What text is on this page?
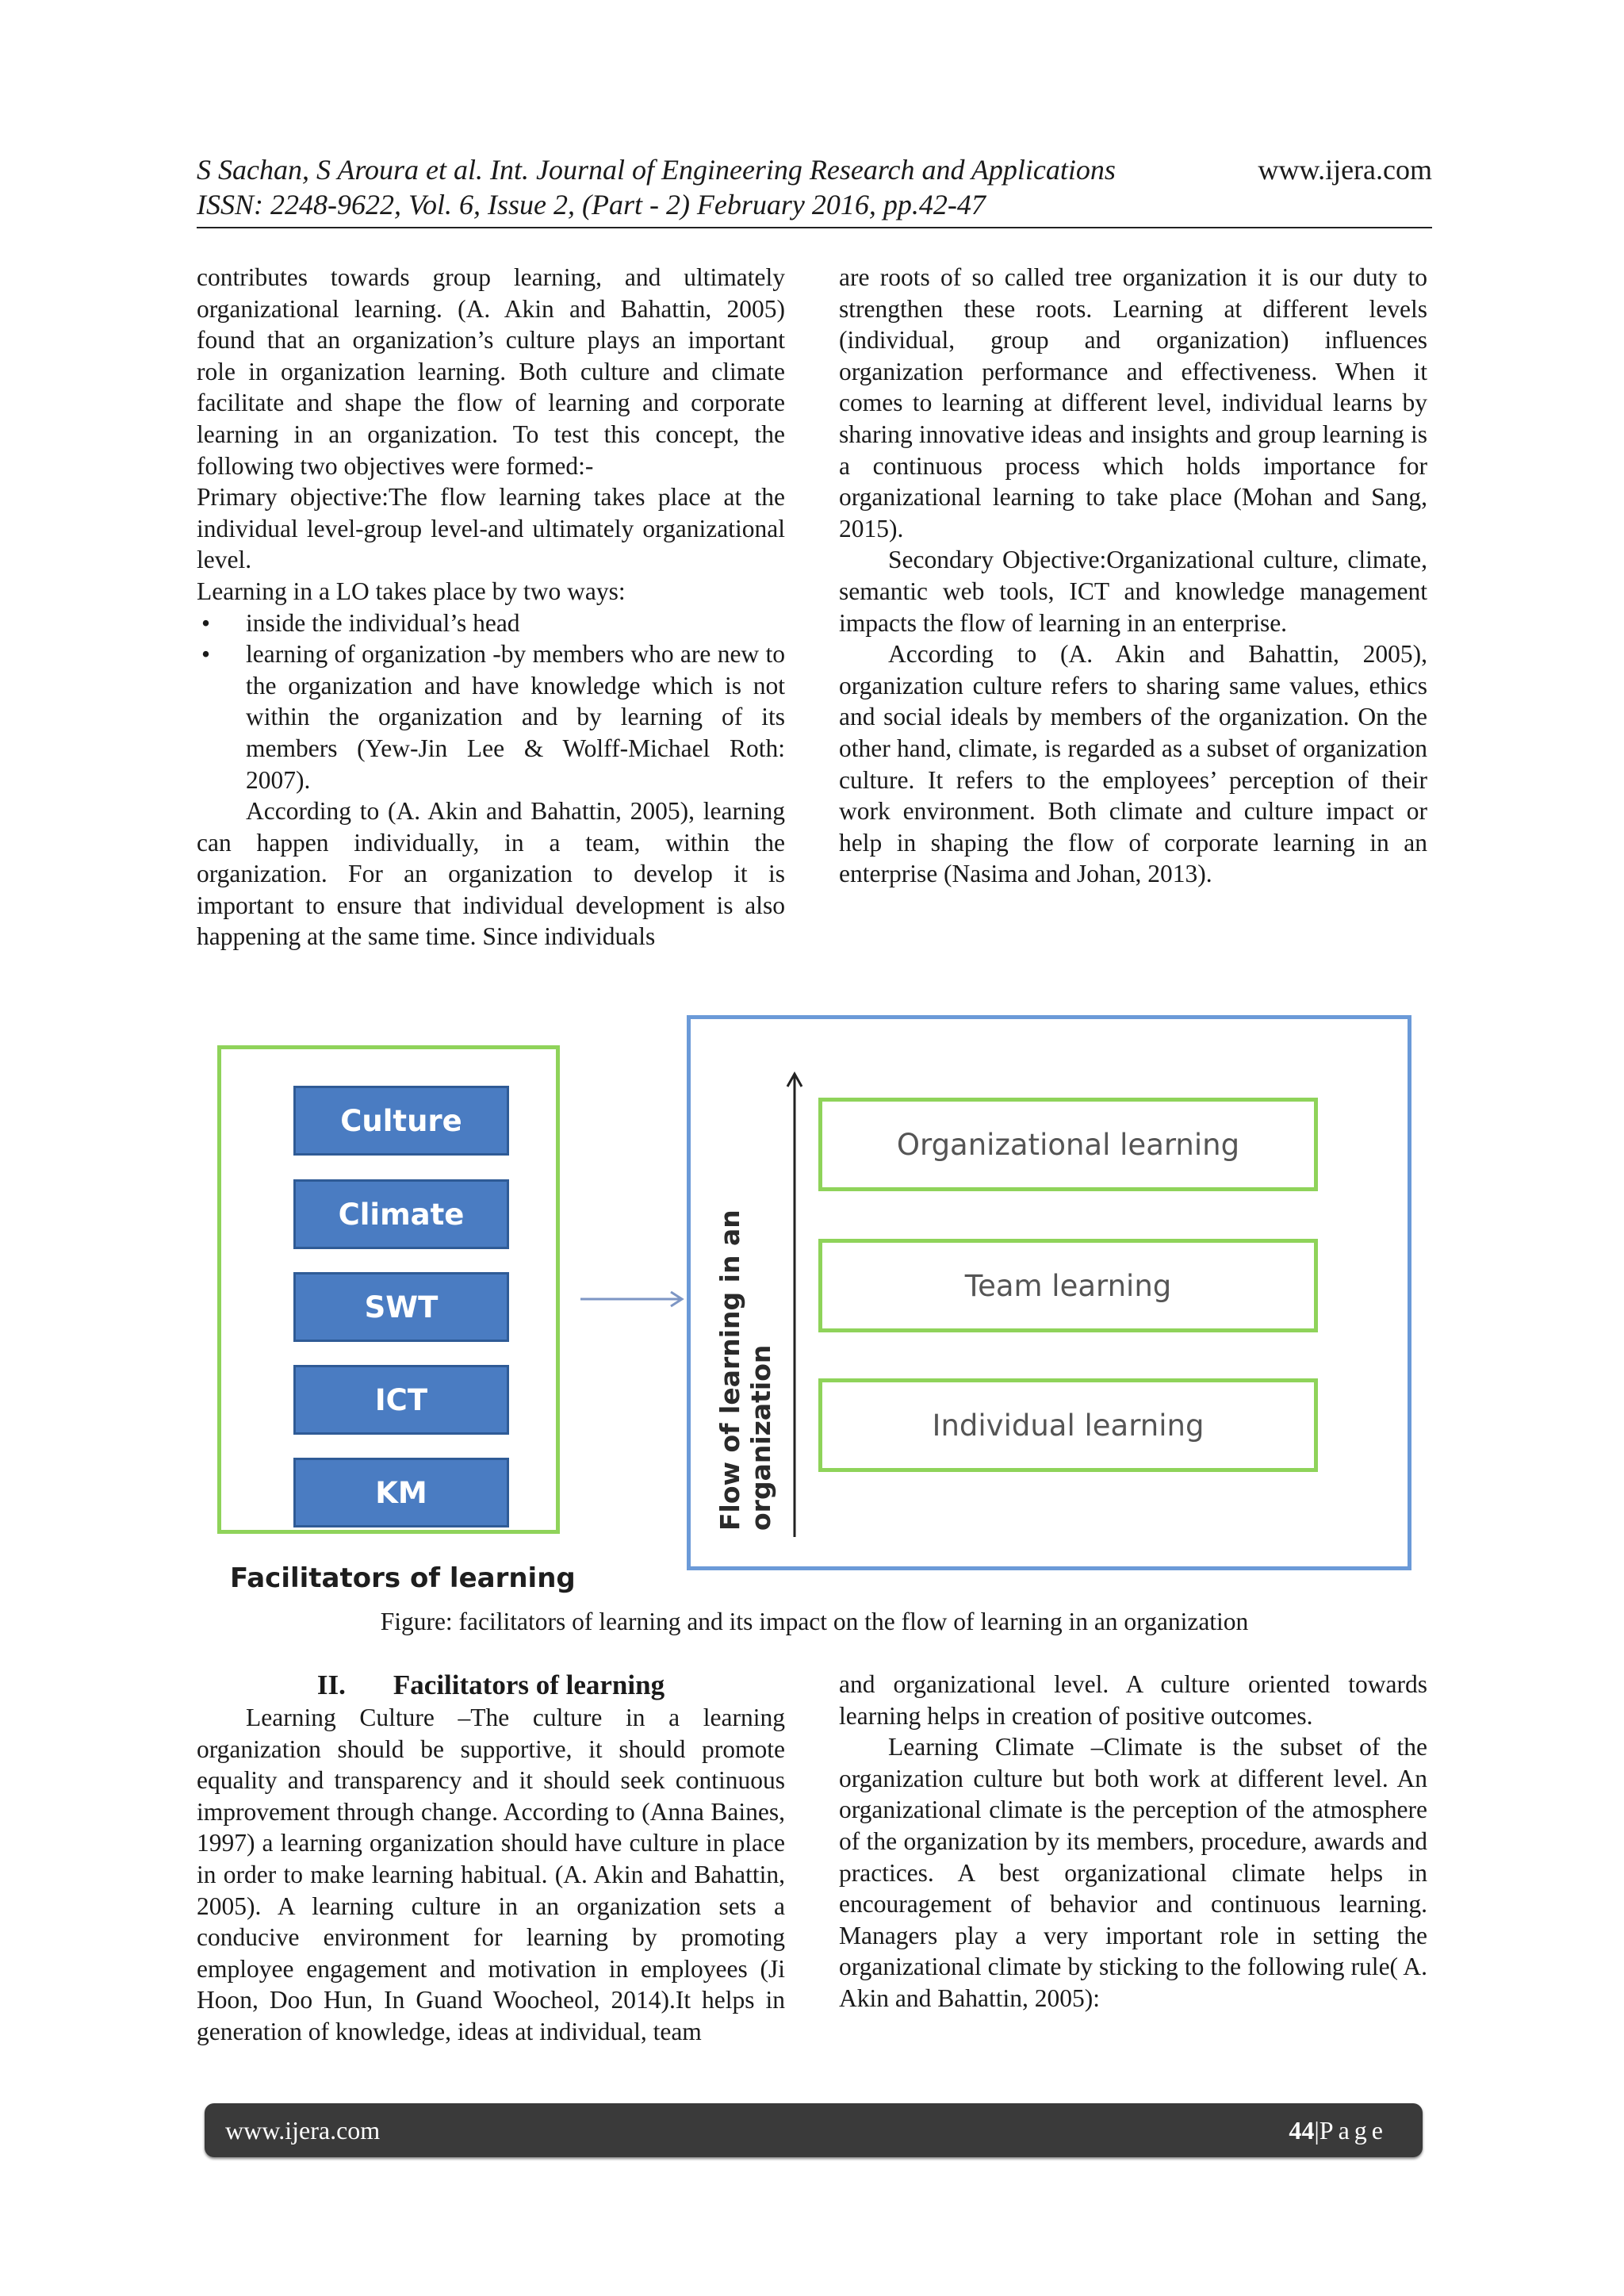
S Sachan, S Aroura et al. Int. Journal of Engineering Research and Applications	www.ijera.com
ISSN: 2248-9622, Vol. 6, Issue 2, (Part - 2) February 2016, pp.42-47

contributes towards group learning, and ultimately organizational learning. (A. Akin and Bahattin, 2005) found that an organization’s culture plays an important role in organization learning. Both culture and climate facilitate and shape the flow of learning and corporate learning in an organization. To test this concept, the following two objectives were formed:-

Primary objective:The flow learning takes place at the individual level-group level-and ultimately organizational level.

Learning in a LO takes place by two ways:

• inside the individual’s head
• learning of organization -by members who are new to the organization and have knowledge which is not within the organization and by learning of its members (Yew-Jin Lee & Wolff-Michael Roth: 2007).

According to (A. Akin and Bahattin, 2005), learning can happen individually, in a team, within the organization. For an organization to develop it is important to ensure that individual development is also happening at the same time. Since individuals

are roots of so called tree organization it is our duty to strengthen these roots. Learning at different levels (individual, group and organization) influences organization performance and effectiveness. When it comes to learning at different level, individual learns by sharing innovative ideas and insights and group learning is a continuous process which holds importance for organizational learning to take place (Mohan and Sang, 2015).

Secondary Objective:Organizational culture, climate, semantic web tools, ICT and knowledge management impacts the flow of learning in an enterprise.

According to (A. Akin and Bahattin, 2005), organization culture refers to sharing same values, ethics and social ideals by members of the organization. On the other hand, climate, is regarded as a subset of organization culture. It refers to the employees’ perception of their work environment. Both climate and culture impact or help in shaping the flow of corporate learning in an enterprise (Nasima and Johan, 2013).

Culture
Climate
SWT
ICT
KM	Flow of learning in an organization
Organizational learning
Team learning
Individual learning
Facilitators of learning
Figure: facilitators of learning and its impact on the flow of learning in an organization
II. Facilitators of learning

Learning Culture –The culture in a learning organization should be supportive, it should promote equality and transparency and it should seek continuous improvement through change. According to (Anna Baines, 1997) a learning organization should have culture in place in order to make learning habitual. (A. Akin and Bahattin, 2005). A learning culture in an organization sets a conducive environment for learning by promoting employee engagement and motivation in employees (Ji Hoon, Doo Hun, In Guand Woocheol, 2014).It helps in generation of knowledge, ideas at individual, team

and organizational level. A culture oriented towards learning helps in creation of positive outcomes.

Learning Climate –Climate is the subset of the organization culture but both work at different level. An organizational climate is the perception of the atmosphere of the organization by its members, procedure, awards and practices. A best organizational climate helps in encouragement of behavior and continuous learning. Managers play a very important role in setting the organizational climate by sticking to the following rule( A. Akin and Bahattin, 2005):

www.ijera.com	44|Page
